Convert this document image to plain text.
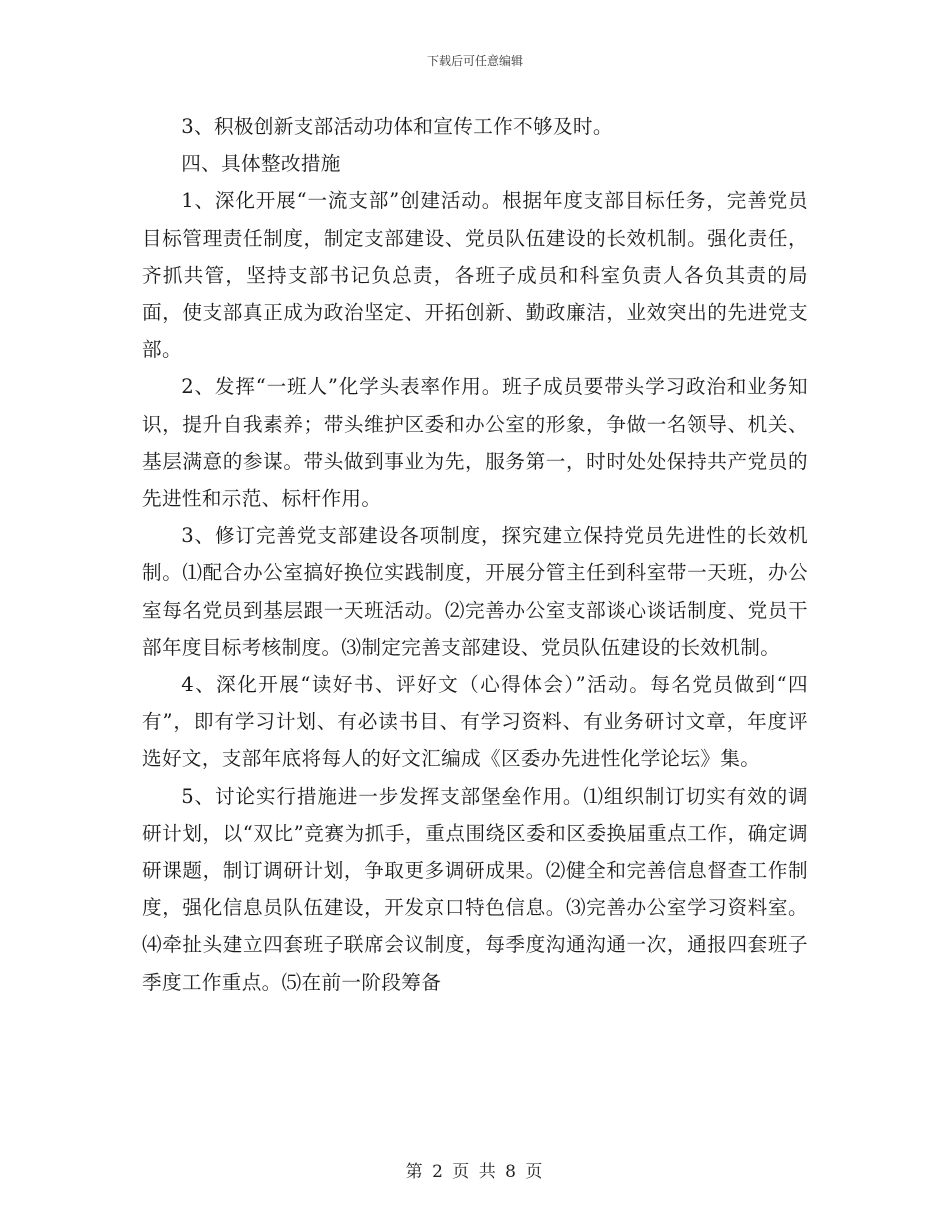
下载后可任意编辑

3、积极创新支部活动功体和宣传工作不够及时。

四、具体整改措施

1、深化开展“一流支部”创建活动。根据年度支部目标任务，完善党员目标管理责任制度，制定支部建设、党员队伍建设的长效机制。强化责任，齐抓共管，坚持支部书记负总责，各班子成员和科室负责人各负其责的局面，使支部真正成为政治坚定、开拓创新、勤政廉洁，业效突出的先进党支部。

2、发挥“一班人”化学头表率作用。班子成员要带头学习政治和业务知识，提升自我素养；带头维护区委和办公室的形象，争做一名领导、机关、基层满意的参谋。带头做到事业为先，服务第一，时时处处保持共产党员的先进性和示范、标杆作用。

3、修订完善党支部建设各项制度，探究建立保持党员先进性的长效机制。⑴配合办公室搞好换位实践制度，开展分管主任到科室带一天班，办公室每名党员到基层跟一天班活动。⑵完善办公室支部谈心谈话制度、党员干部年度目标考核制度。⑶制定完善支部建设、党员队伍建设的长效机制。

4、深化开展“读好书、评好文（心得体会）”活动。每名党员做到“四有”，即有学习计划、有必读书目、有学习资料、有业务研讨文章，年度评选好文，支部年底将每人的好文汇编成《区委办先进性化学论坛》集。

5、讨论实行措施进一步发挥支部堡垒作用。⑴组织制订切实有效的调研计划，以“双比”竞赛为抓手，重点围绕区委和区委换届重点工作，确定调研课题，制订调研计划，争取更多调研成果。⑵健全和完善信息督查工作制度，强化信息员队伍建设，开发京口特色信息。⑶完善办公室学习资料室。⑷牵扯头建立四套班子联席会议制度，每季度沟通沟通一次，通报四套班子季度工作重点。⑸在前一阶段筹备

第 2 页 共 8 页
